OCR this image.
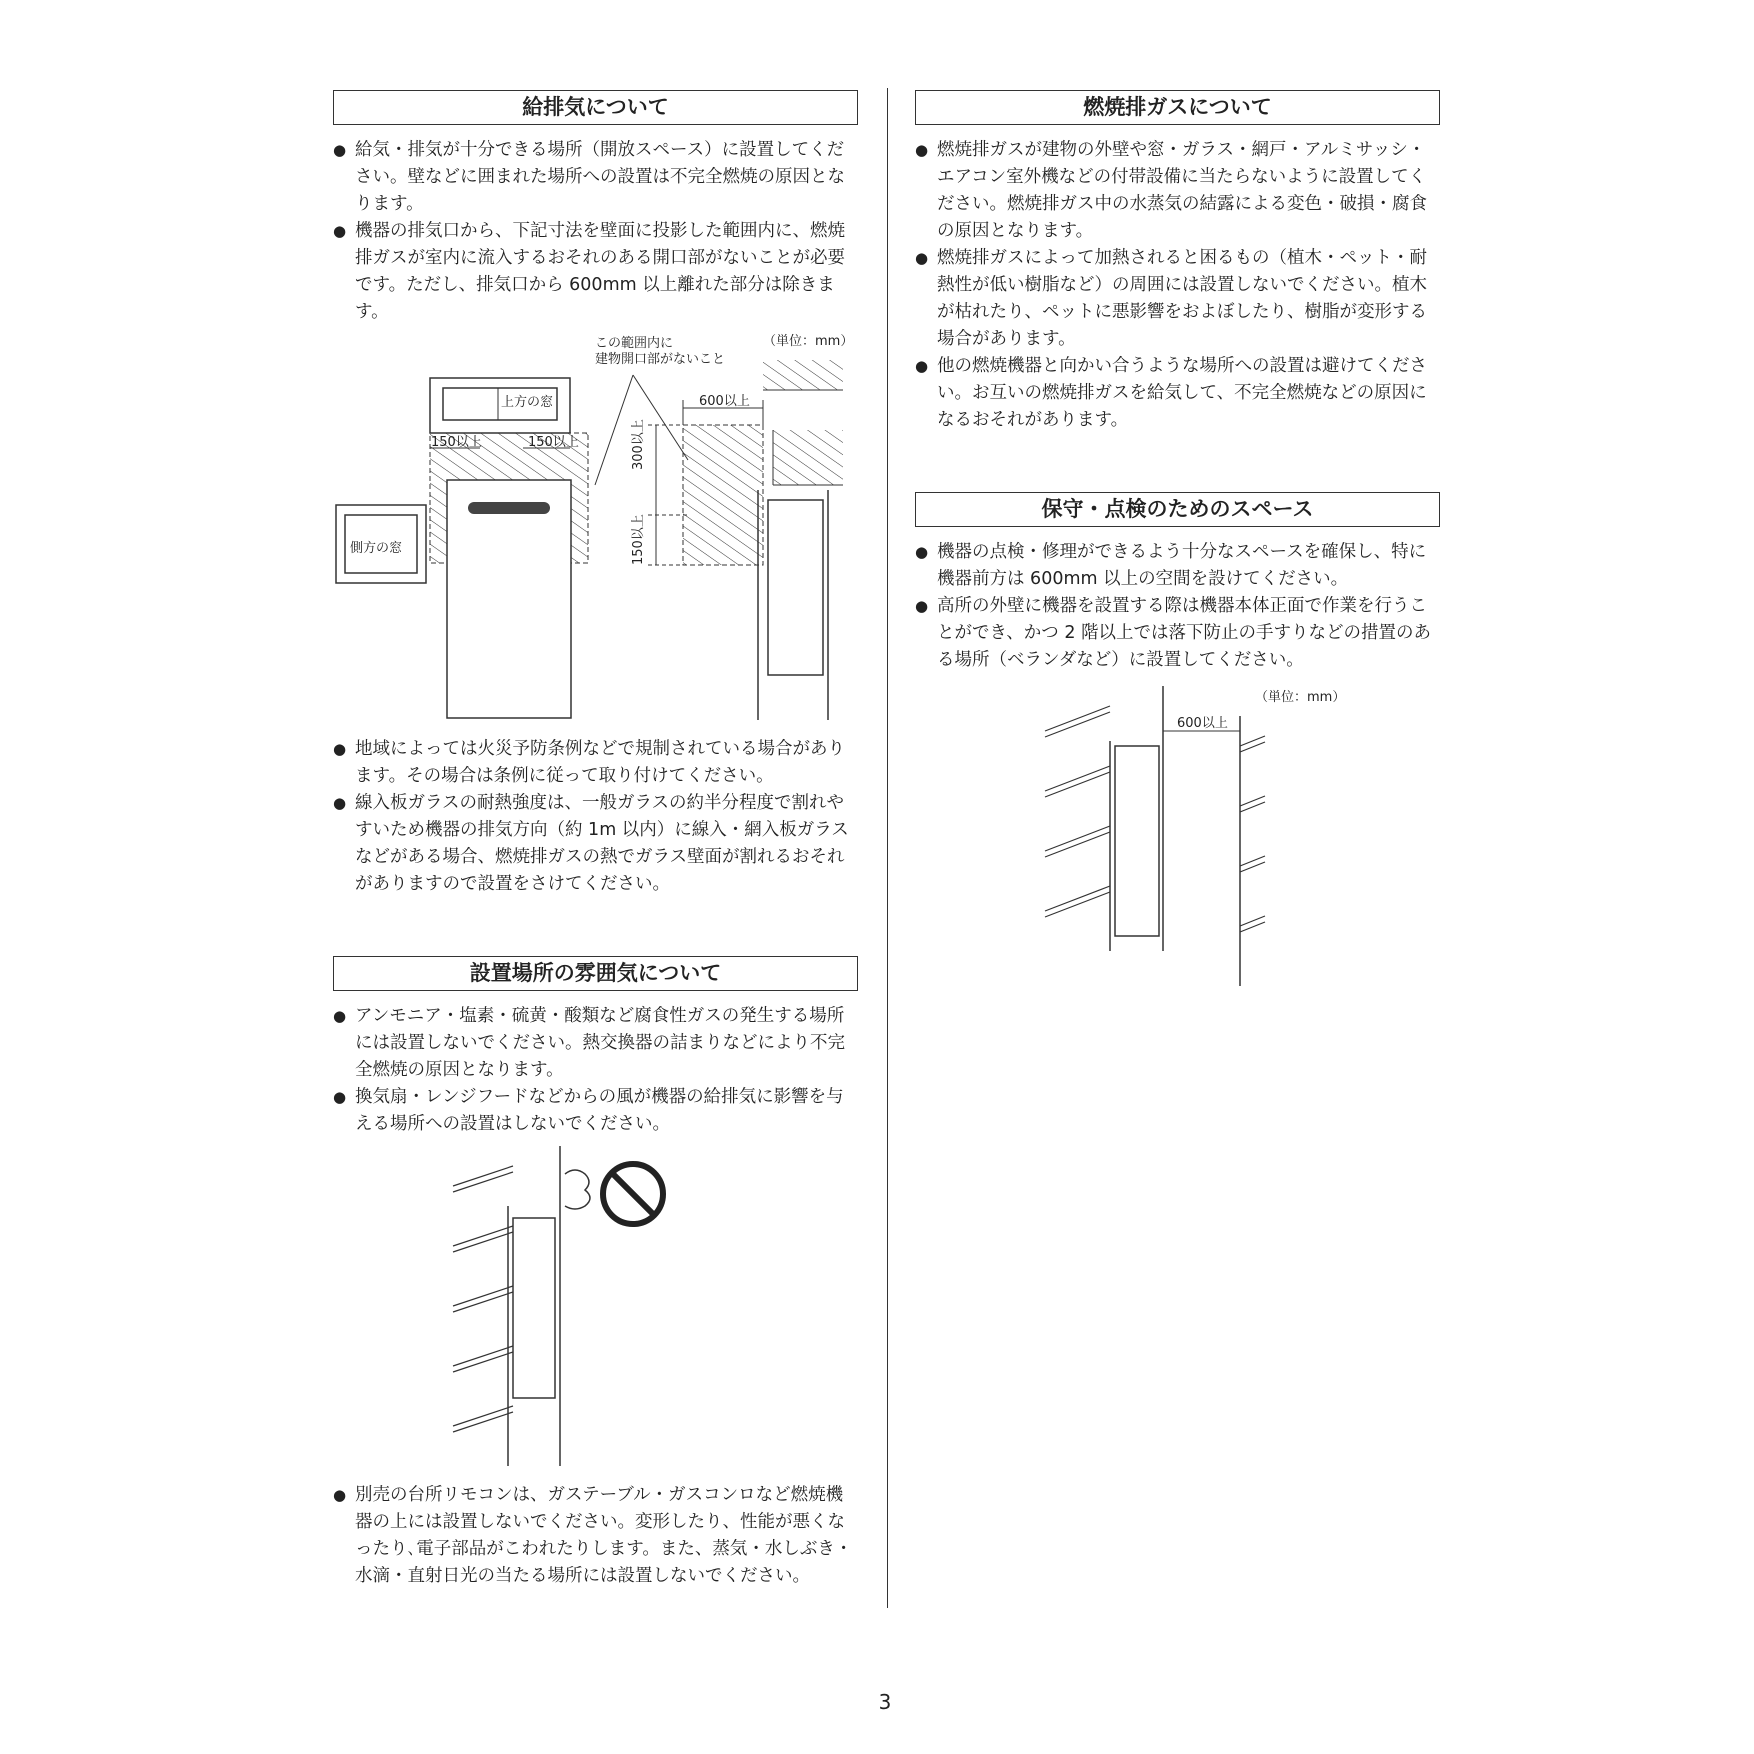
給排気について
● 給気・排気が十分できる場所（開放スペース）に設置してください。壁などに囲まれた場所への設置は不完全燃焼の原因となります。
● 機器の排気口から、下記寸法を壁面に投影した範囲内に、燃焼排ガスが室内に流入するおそれのある開口部がないことが必要です。ただし、排気口から 600mm 以上離れた部分は除きます。
（単位：mm）
この範囲内に
建物開口部がないこと
上方の窓
側方の窓
150以上	150以上
600以上
300以上
150以上
● 地域によっては火災予防条例などで規制されている場合があります。その場合は条例に従って取り付けてください。
● 線入板ガラスの耐熱強度は、一般ガラスの約半分程度で割れやすいため機器の排気方向（約 1m 以内）に線入・網入板ガラスなどがある場合、燃焼排ガスの熱でガラス壁面が割れるおそれがありますので設置をさけてください。
設置場所の雰囲気について
● アンモニア・塩素・硫黄・酸類など腐食性ガスの発生する場所には設置しないでください。熱交換器の詰まりなどにより不完全燃焼の原因となります。
● 換気扇・レンジフードなどからの風が機器の給排気に影響を与える場所への設置はしないでください。
● 別売の台所リモコンは、ガステーブル・ガスコンロなど燃焼機器の上には設置しないでください。変形したり、性能が悪くなったり､電子部品がこわれたりします。また、蒸気・水しぶき・水滴・直射日光の当たる場所には設置しないでください。
燃焼排ガスについて
● 燃焼排ガスが建物の外壁や窓・ガラス・網戸・アルミサッシ・エアコン室外機などの付帯設備に当たらないように設置してください。燃焼排ガス中の水蒸気の結露による変色・破損・腐食の原因となります。
● 燃焼排ガスによって加熱されると困るもの（植木・ペット・耐熱性が低い樹脂など）の周囲には設置しないでください。植木が枯れたり、ペットに悪影響をおよぼしたり、樹脂が変形する場合があります。
● 他の燃焼機器と向かい合うような場所への設置は避けてください。お互いの燃焼排ガスを給気して、不完全燃焼などの原因になるおそれがあります。
保守・点検のためのスペース
● 機器の点検・修理ができるよう十分なスペースを確保し、特に機器前方は 600mm 以上の空間を設けてください。
● 高所の外壁に機器を設置する際は機器本体正面で作業を行うことができ、かつ 2 階以上では落下防止の手すりなどの措置のある場所（ベランダなど）に設置してください。
（単位：mm）
600以上
3
